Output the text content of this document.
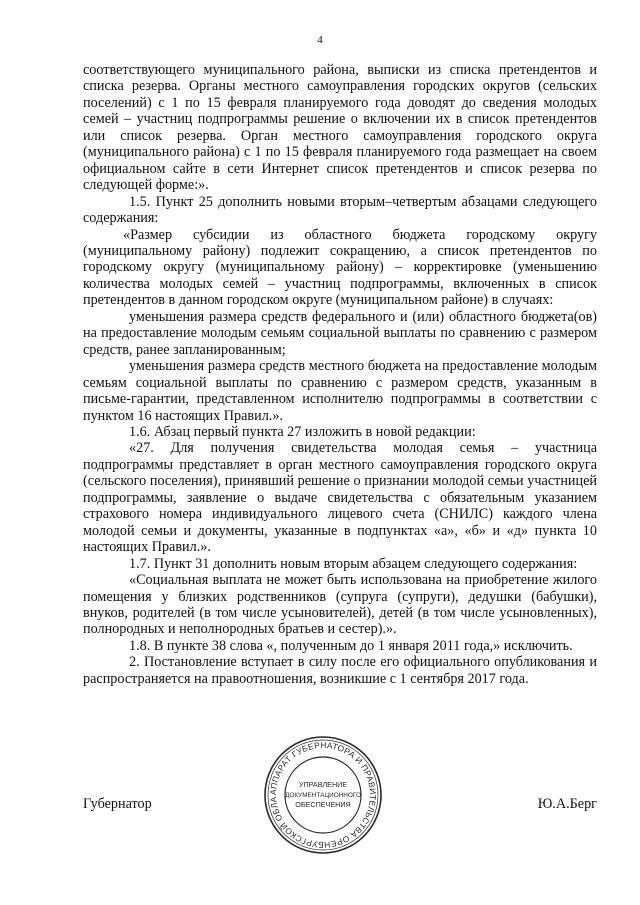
4

соответствующего муниципального района, выписки из списка претендентов и списка резерва. Органы местного самоуправления городских округов (сельских поселений) с 1 по 15 февраля планируемого года доводят до сведения молодых семей – участниц подпрограммы решение о включении их в список претендентов или список резерва. Орган местного самоуправления городского округа (муниципального района) с 1 по 15 февраля планируемого года размещает на своем официальном сайте в сети Интернет список претендентов и список резерва по следующей форме:».

1.5. Пункт 25 дополнить новыми вторым–четвертым абзацами следующего содержания:

«Размер субсидии из областного бюджета городскому округу (муниципальному району) подлежит сокращению, а список претендентов по городскому округу (муниципальному району) – корректировке (уменьшению количества молодых семей – участниц подпрограммы, включенных в список претендентов в данном городском округе (муниципальном районе) в случаях:

уменьшения размера средств федерального и (или) областного бюджета(ов) на предоставление молодым семьям социальной выплаты по сравнению с размером средств, ранее запланированным;

уменьшения размера средств местного бюджета на предоставление молодым семьям социальной выплаты по сравнению с размером средств, указанным в письме-гарантии, представленном исполнителю подпрограммы в соответствии с пунктом 16 настоящих Правил.».

1.6. Абзац первый пункта 27 изложить в новой редакции:

«27. Для получения свидетельства молодая семья – участница подпрограммы представляет в орган местного самоуправления городского округа (сельского поселения), принявший решение о признании молодой семьи участницей подпрограммы, заявление о выдаче свидетельства с обязательным указанием страхового номера индивидуального лицевого счета (СНИЛС) каждого члена молодой семьи и документы, указанные в подпунктах «а», «б» и «д» пункта 10 настоящих Правил.».

1.7. Пункт 31 дополнить новым вторым абзацем следующего содержания:

«Социальная выплата не может быть использована на приобретение жилого помещения у близких родственников (супруга (супруги), дедушки (бабушки), внуков, родителей (в том числе усыновителей), детей (в том числе усыновленных), полнородных и неполнородных братьев и сестер).».

1.8. В пункте 38 слова «, полученным до 1 января 2011 года,» исключить.

2. Постановление вступает в силу после его официального опубликования и распространяется на правоотношения, возникшие с 1 сентября 2017 года.

Губернатор	Ю.А.Берг
АППАРАТ ГУБЕРНАТОРА И ПРАВИТЕЛЬСТВА ОРЕНБУРГСКОЙ ОБЛА
УПРАВЛЕНИЕ
ДОКУМЕНТАЦИОННОГО
ОБЕСПЕЧЕНИЯ
